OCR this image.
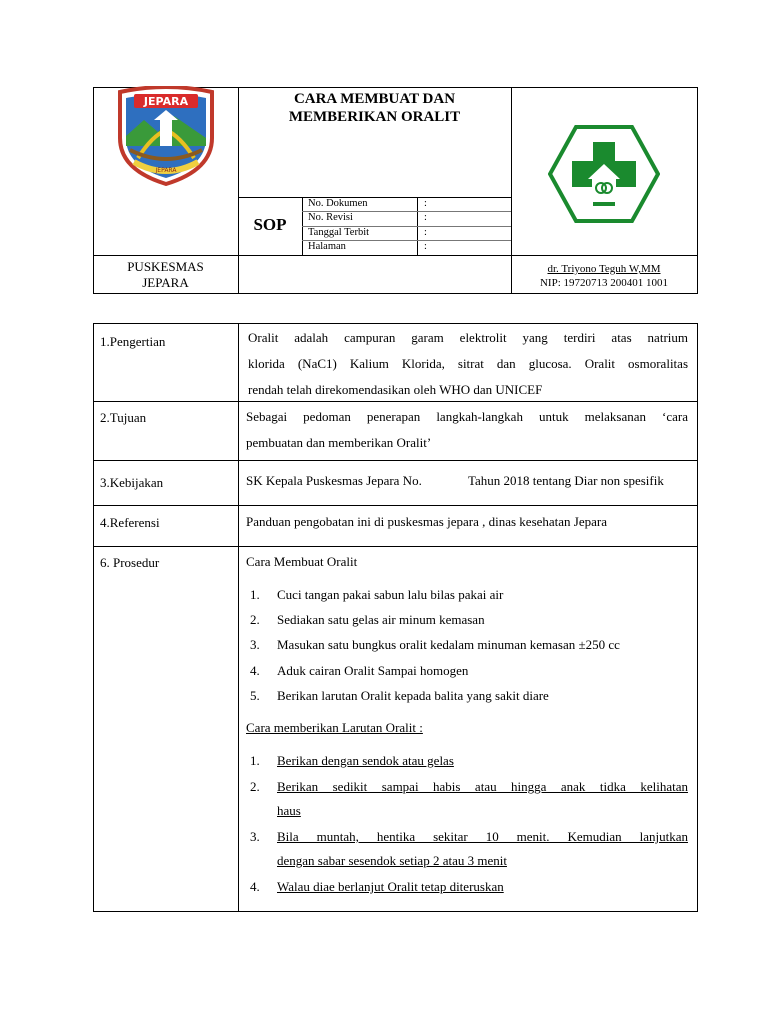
JEPARA
JEPARA
CARA MEMBUAT DAN
MEMBERIKAN ORALIT
SOP
No. Dokumen	:
No. Revisi	:
Tanggal Terbit	:
Halaman	:
PUSKESMAS
JEPARA
dr. Triyono Teguh W,MM
NIP: 19720713 200401 1001
1.Pengertian	Oralit adalah campuran garam elektrolit yang terdiri atas natrium
klorida (NaC1) Kalium Klorida, sitrat dan glucosa. Oralit osmoralitas
rendah telah direkomendasikan oleh WHO dan UNICEF
2.Tujuan	Sebagai pedoman penerapan langkah-langkah untuk melaksanan ‘cara
pembuatan dan memberikan Oralit’
3.Kebijakan	SK Kepala Puskesmas Jepara No.	Tahun 2018 tentang Diar non spesifik
4.Referensi	Panduan pengobatan ini di puskesmas jepara , dinas kesehatan Jepara
6. Prosedur	Cara Membuat Oralit
1. Cuci tangan pakai sabun lalu bilas pakai air
2. Sediakan satu gelas air minum kemasan
3. Masukan satu bungkus oralit kedalam minuman kemasan ±250 cc
4. Aduk cairan Oralit Sampai homogen
5. Berikan larutan Oralit kepada balita yang sakit diare
Cara memberikan Larutan Oralit :
1. Berikan dengan sendok atau gelas
2. Berikan sedikit sampai habis atau hingga anak tidka kelihatan
haus
3. Bila muntah, hentika sekitar 10 menit. Kemudian lanjutkan
dengan sabar sesendok setiap 2 atau 3 menit
4. Walau diae berlanjut Oralit tetap diteruskan
